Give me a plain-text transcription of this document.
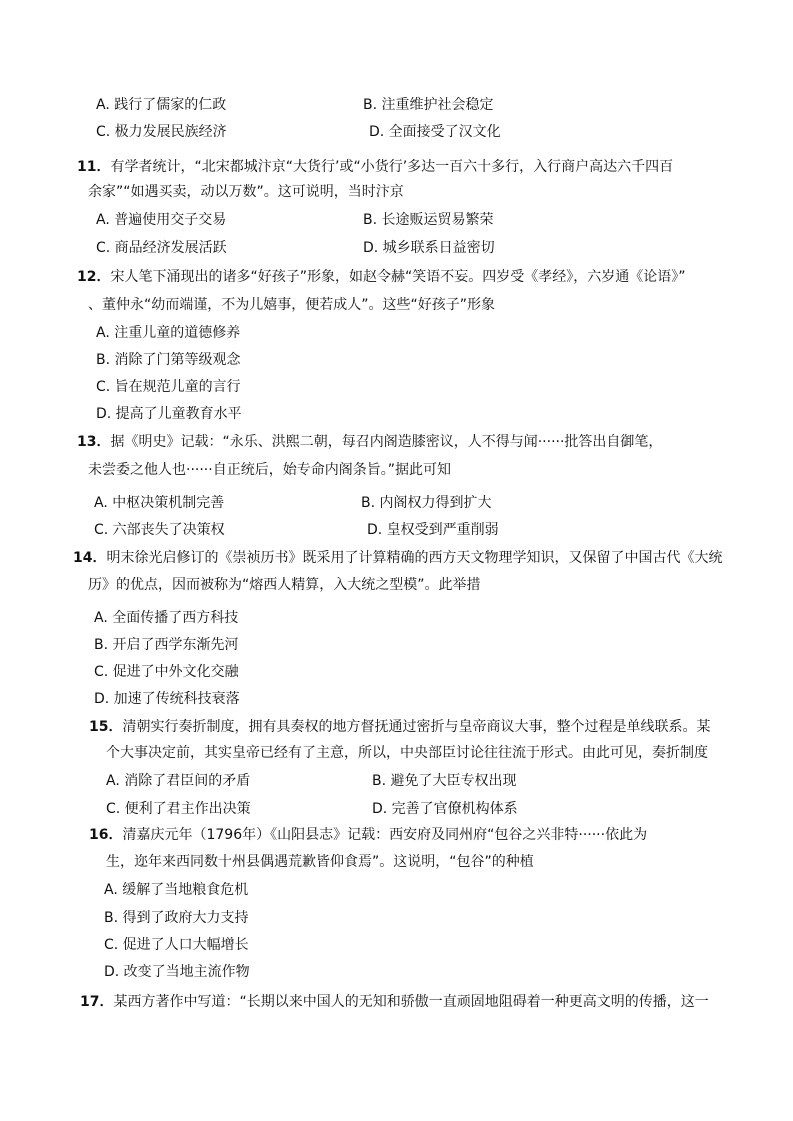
A. 践行了儒家的仁政	B. 注重维护社会稳定
C. 极力发展民族经济	D. 全面接受了汉文化
11．有学者统计，“北宋都城汴京“大货行’或“小货行’多达一百六十多行，入行商户高达六千四百
余家”“如遇买卖，动以万数”。这可说明，当时汴京
A. 普遍使用交子交易	B. 长途贩运贸易繁荣
C. 商品经济发展活跃	D. 城乡联系日益密切
12．宋人笔下涌现出的诸多“好孩子”形象，如赵令赫“笑语不妄。四岁受《孝经》，六岁通《论语》”
、董仲永“幼而端谨，不为儿嬉事，便若成人”。这些“好孩子”形象
A. 注重儿童的道德修养
B. 消除了门第等级观念
C. 旨在规范儿童的言行
D. 提高了儿童教育水平
13．据《明史》记载：“永乐、洪熙二朝，每召内阁造膝密议，人不得与闻······批答出自御笔，
未尝委之他人也······自正统后，始专命内阁条旨。”据此可知
A. 中枢决策机制完善	B. 内阁权力得到扩大
C. 六部丧失了决策权	D. 皇权受到严重削弱
14．明末徐光启修订的《崇祯历书》既采用了计算精确的西方天文物理学知识，又保留了中国古代《大统
历》的优点，因而被称为“熔西人精算，入大统之型模”。此举措
A. 全面传播了西方科技
B. 开启了西学东渐先河
C. 促进了中外文化交融
D. 加速了传统科技衰落
15．清朝实行奏折制度，拥有具奏权的地方督抚通过密折与皇帝商议大事，整个过程是单线联系。某
个大事决定前，其实皇帝已经有了主意，所以，中央部臣讨论往往流于形式。由此可见，奏折制度
A. 消除了君臣间的矛盾	B. 避免了大臣专权出现
C. 便利了君主作出决策	D. 完善了官僚机构体系
16．清嘉庆元年（1796年）《山阳县志》记载：西安府及同州府“包谷之兴非特······依此为
生，迩年来西同数十州县偶遇荒歉皆仰食焉”。这说明，“包谷”的种植
A. 缓解了当地粮食危机
B. 得到了政府大力支持
C. 促进了人口大幅增长
D. 改变了当地主流作物
17．某西方著作中写道：“长期以来中国人的无知和骄傲一直顽固地阻碍着一种更高文明的传播，这一
